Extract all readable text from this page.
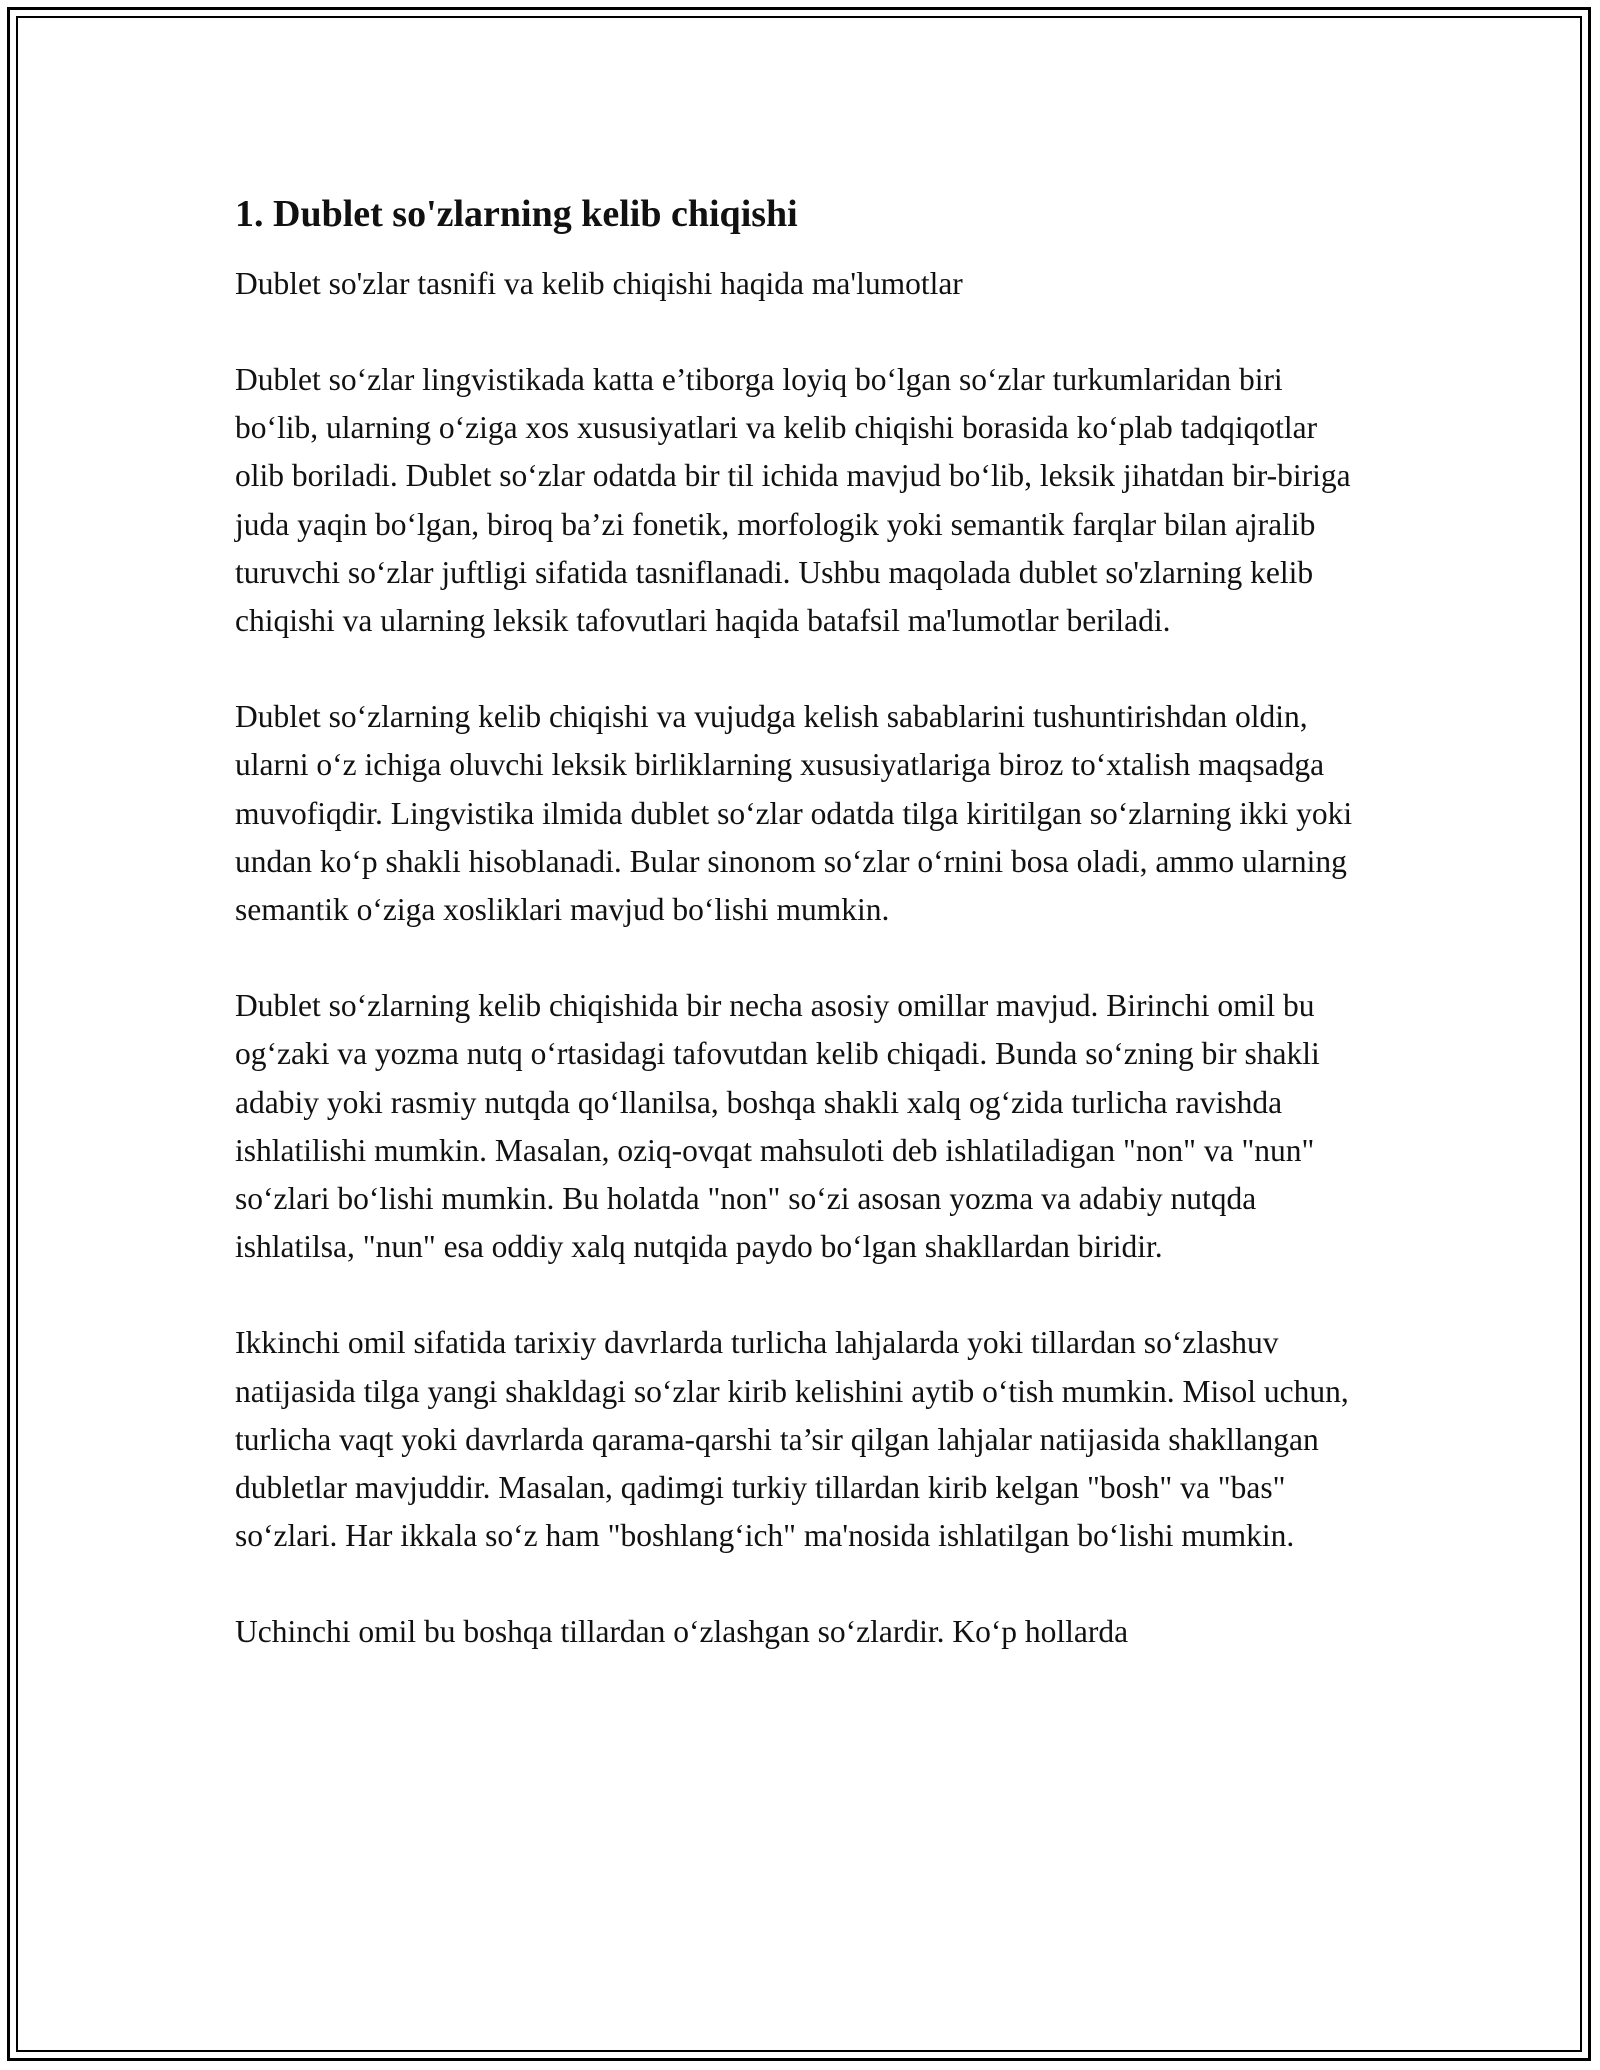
1. Dublet so'zlarning kelib chiqishi

Dublet so'zlar tasnifi va kelib chiqishi haqida ma'lumotlar

Dublet so‘zlar lingvistikada katta e’tiborga loyiq bo‘lgan so‘zlar turkumlaridan biri bo‘lib, ularning o‘ziga xos xususiyatlari va kelib chiqishi borasida ko‘plab tadqiqotlar olib boriladi. Dublet so‘zlar odatda bir til ichida mavjud bo‘lib, leksik jihatdan bir-biriga juda yaqin bo‘lgan, biroq ba’zi fonetik, morfologik yoki semantik farqlar bilan ajralib turuvchi so‘zlar juftligi sifatida tasniflanadi. Ushbu maqolada dublet so'zlarning kelib chiqishi va ularning leksik tafovutlari haqida batafsil ma'lumotlar beriladi.

Dublet so‘zlarning kelib chiqishi va vujudga kelish sabablarini tushuntirishdan oldin, ularni o‘z ichiga oluvchi leksik birliklarning xususiyatlariga biroz to‘xtalish maqsadga muvofiqdir. Lingvistika ilmida dublet so‘zlar odatda tilga kiritilgan so‘zlarning ikki yoki undan ko‘p shakli hisoblanadi. Bular sinonom so‘zlar o‘rnini bosa oladi, ammo ularning semantik o‘ziga xosliklari mavjud bo‘lishi mumkin.

Dublet so‘zlarning kelib chiqishida bir necha asosiy omillar mavjud. Birinchi omil bu og‘zaki va yozma nutq o‘rtasidagi tafovutdan kelib chiqadi. Bunda so‘zning bir shakli adabiy yoki rasmiy nutqda qo‘llanilsa, boshqa shakli xalq og‘zida turlicha ravishda ishlatilishi mumkin. Masalan, oziq-ovqat mahsuloti deb ishlatiladigan "non" va "nun" so‘zlari bo‘lishi mumkin. Bu holatda "non" so‘zi asosan yozma va adabiy nutqda ishlatilsa, "nun" esa oddiy xalq nutqida paydo bo‘lgan shakllardan biridir.

Ikkinchi omil sifatida tarixiy davrlarda turlicha lahjalarda yoki tillardan so‘zlashuv natijasida tilga yangi shakldagi so‘zlar kirib kelishini aytib o‘tish mumkin. Misol uchun, turlicha vaqt yoki davrlarda qarama-qarshi ta’sir qilgan lahjalar natijasida shakllangan dubletlar mavjuddir. Masalan, qadimgi turkiy tillardan kirib kelgan "bosh" va "bas" so‘zlari. Har ikkala so‘z ham "boshlang‘ich" ma'nosida ishlatilgan bo‘lishi mumkin.

Uchinchi omil bu boshqa tillardan o‘zlashgan so‘zlardir. Ko‘p hollarda
